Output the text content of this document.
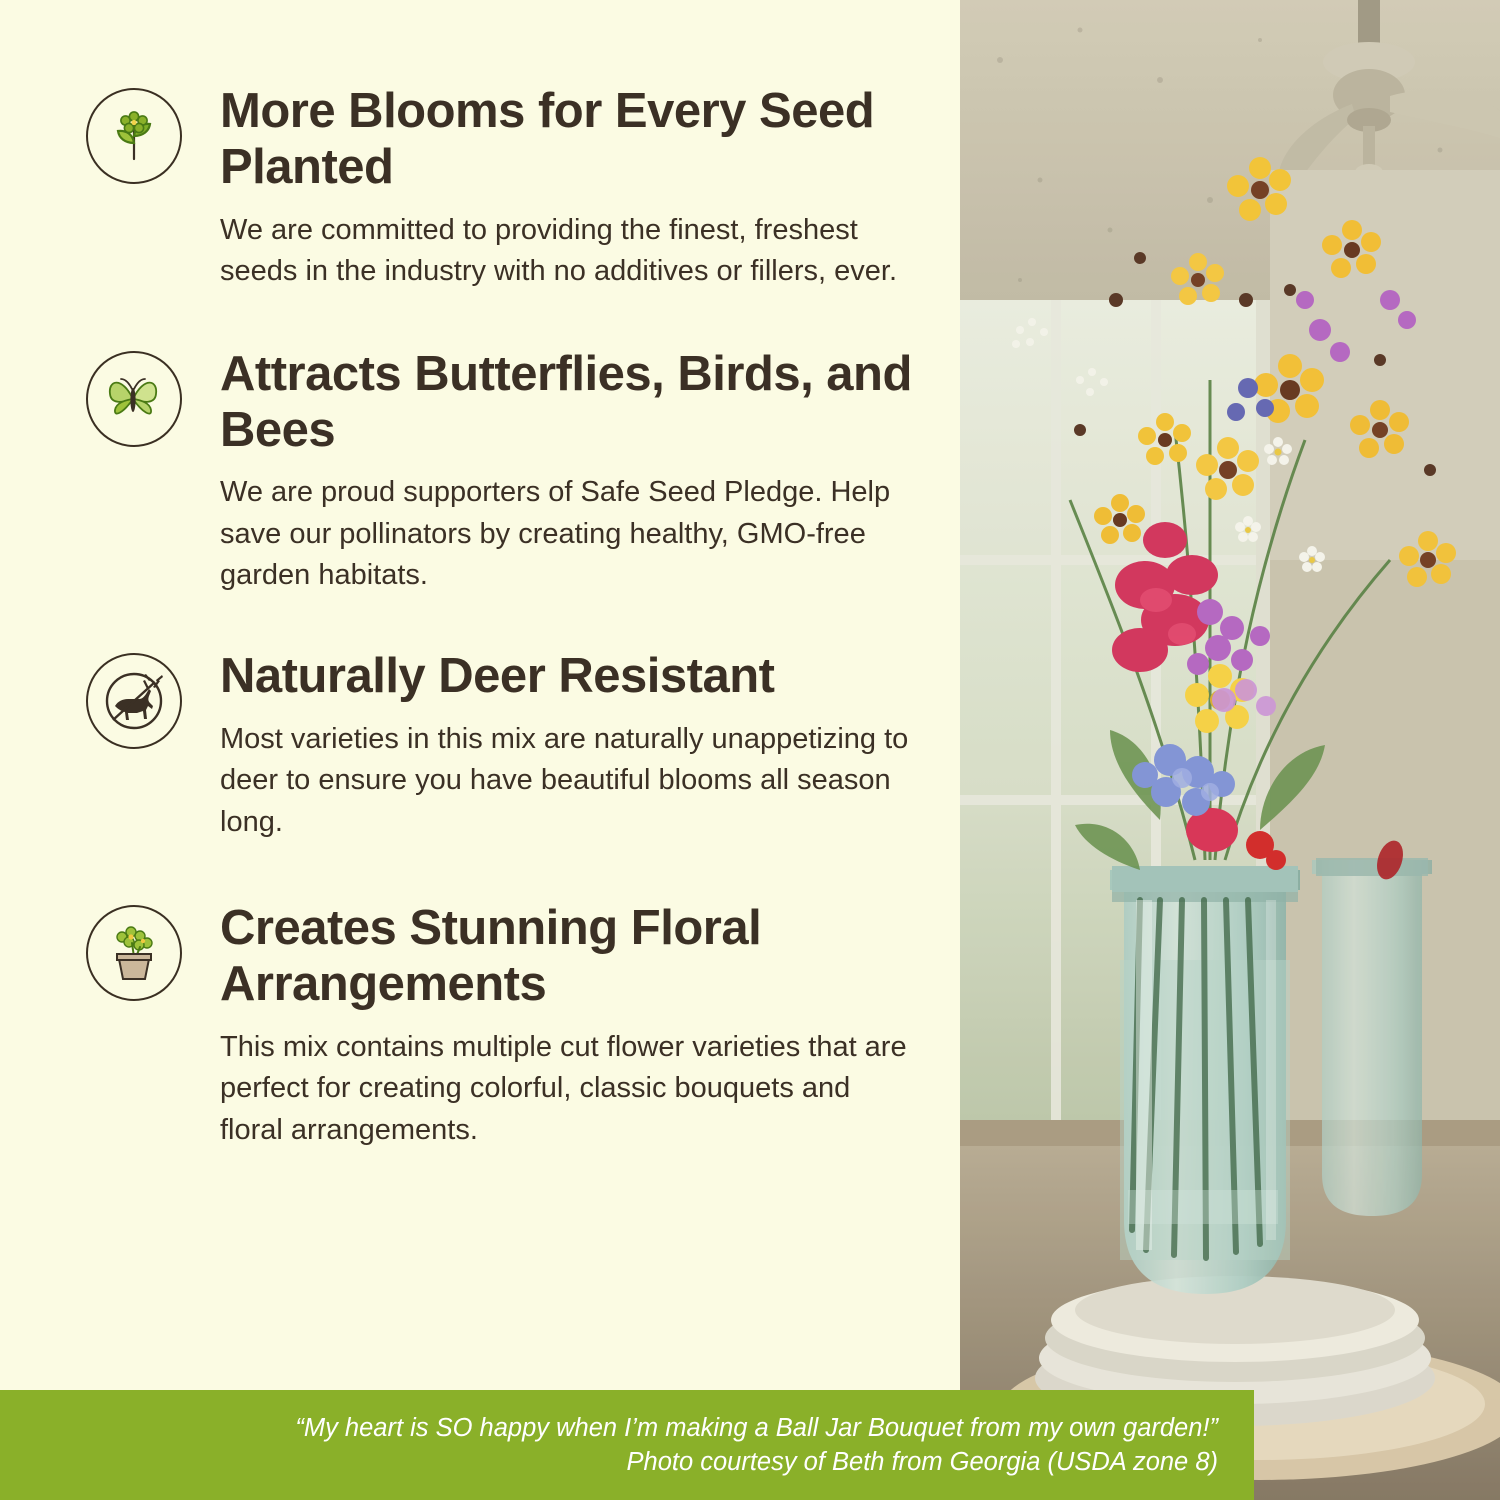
More Blooms for Every Seed Planted
We are committed to providing the finest, freshest seeds in the industry with no additives or fillers, ever.
Attracts Butterflies, Birds, and Bees
We are proud supporters of Safe Seed Pledge. Help save our pollinators by creating healthy, GMO-free garden habitats.
Naturally Deer Resistant
Most varieties in this mix are naturally unappetizing to deer to ensure you have beautiful blooms all season long.
Creates Stunning Floral Arrangements
This mix contains multiple cut flower varieties that are perfect for creating colorful, classic bouquets and floral arrangements.
“My heart is SO happy when I’m making a Ball Jar Bouquet from my own garden!”
Photo courtesy of Beth from Georgia (USDA zone 8)
